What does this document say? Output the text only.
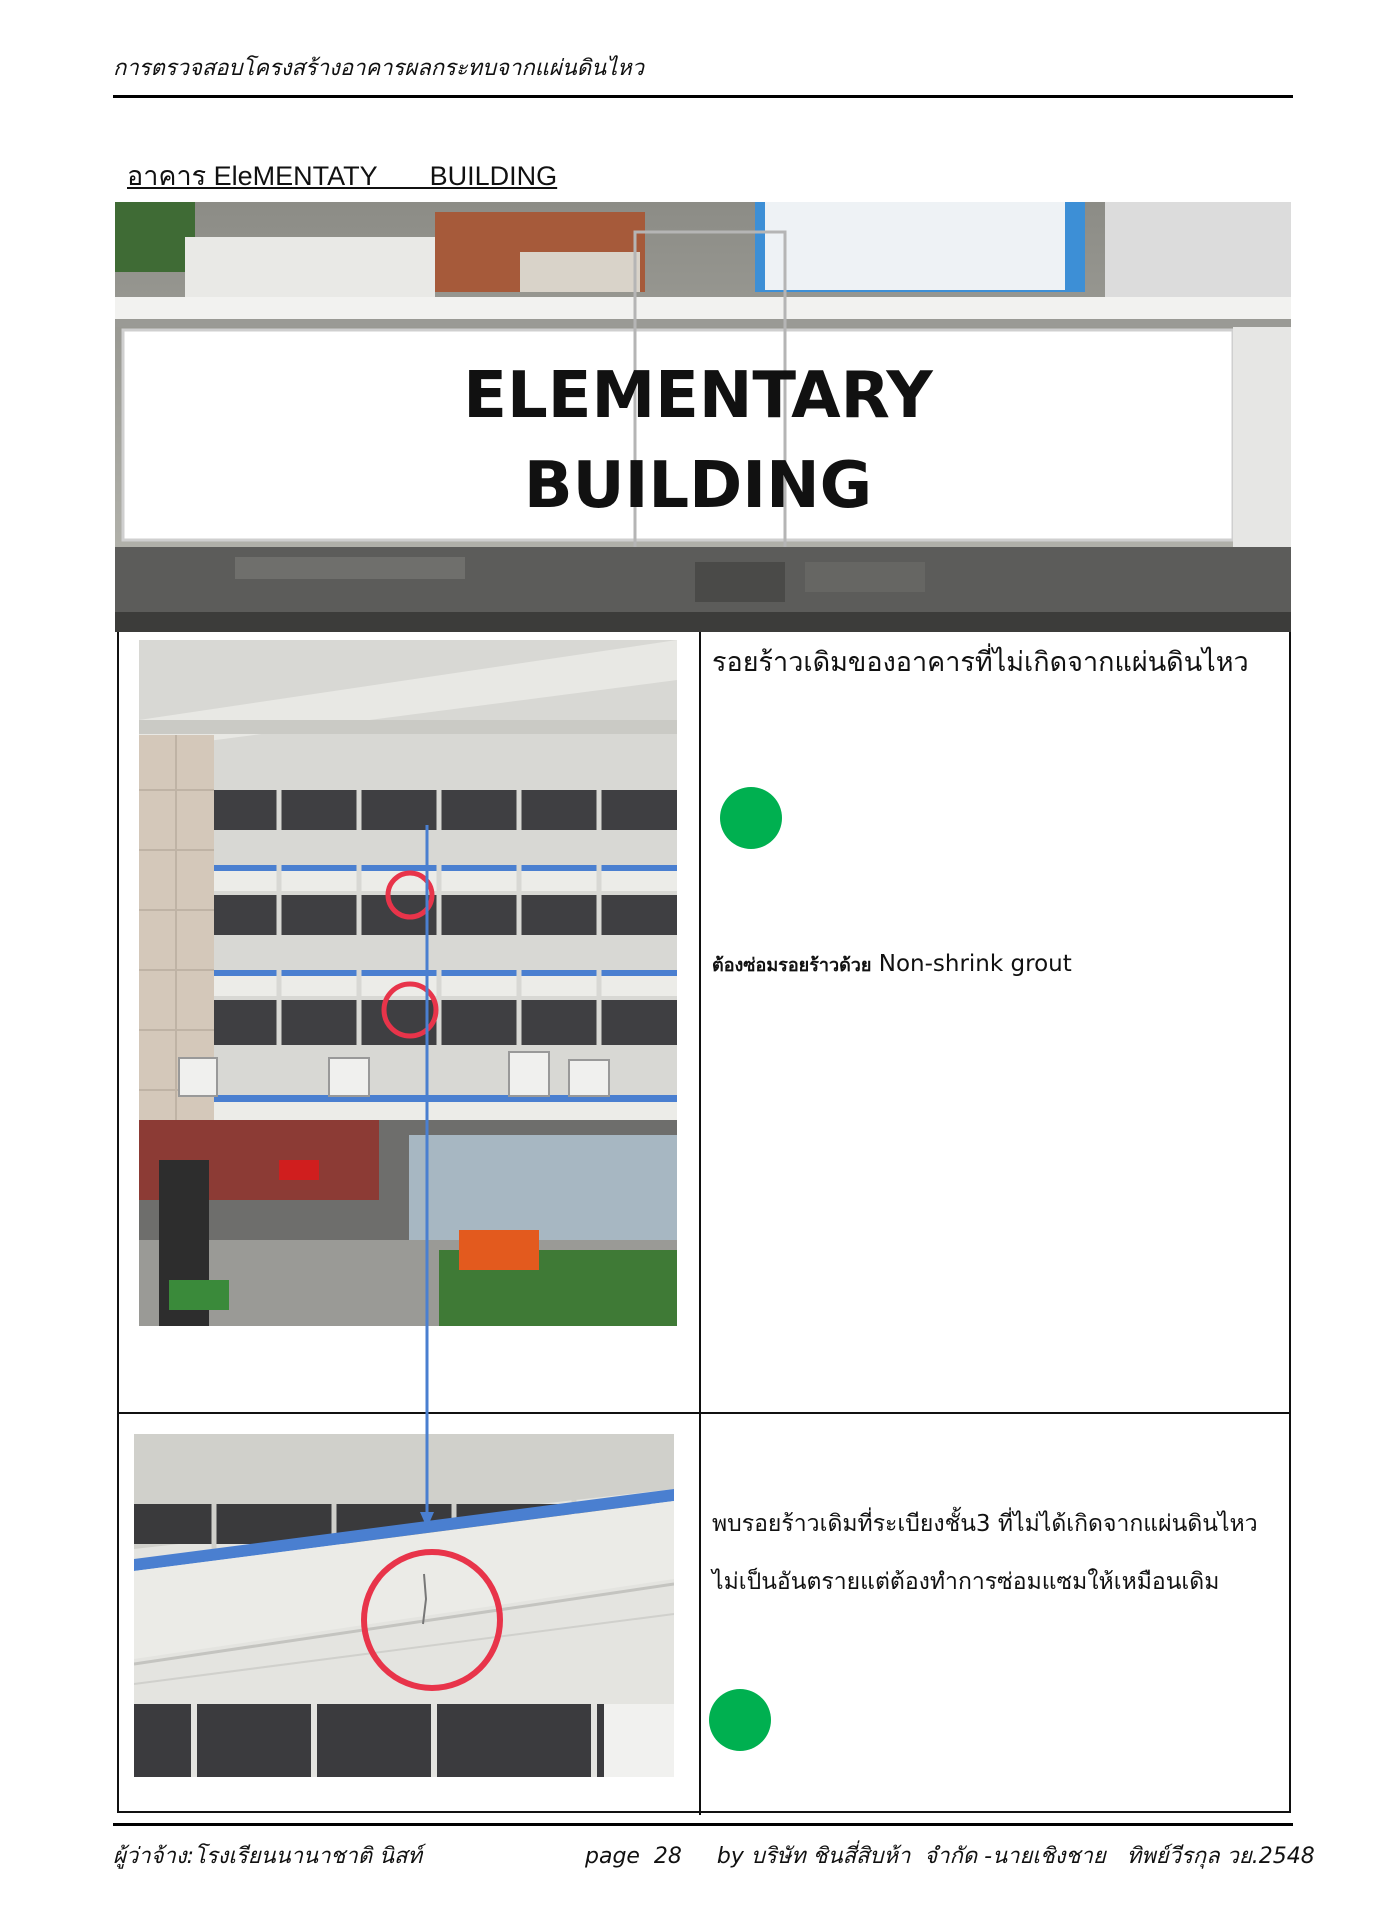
การตรวจสอบโครงสร้างอาคารผลกระทบจากแผ่นดินไหว
อาคาร EleMENTATY       BUILDING
ELEMENTARY
BUILDING
รอยร้าวเดิมของอาคารที่ไม่เกิดจากแผ่นดินไหว
ต้องซ่อมรอยร้าวด้วย Non-shrink grout
พบรอยร้าวเดิมที่ระเบียงชั้น3 ที่ไม่ได้เกิดจากแผ่นดินไหวไม่เป็นอันตรายแต่ต้องทำการซ่อมแซมให้เหมือนเดิม
ผู้ว่าจ้าง:โรงเรียนนานาชาติ นิสท์	page  28     by บริษัท ชินสี่สิบห้า  จำกัด -นายเชิงชาย   ทิพย์วีรกุล วย.2548
